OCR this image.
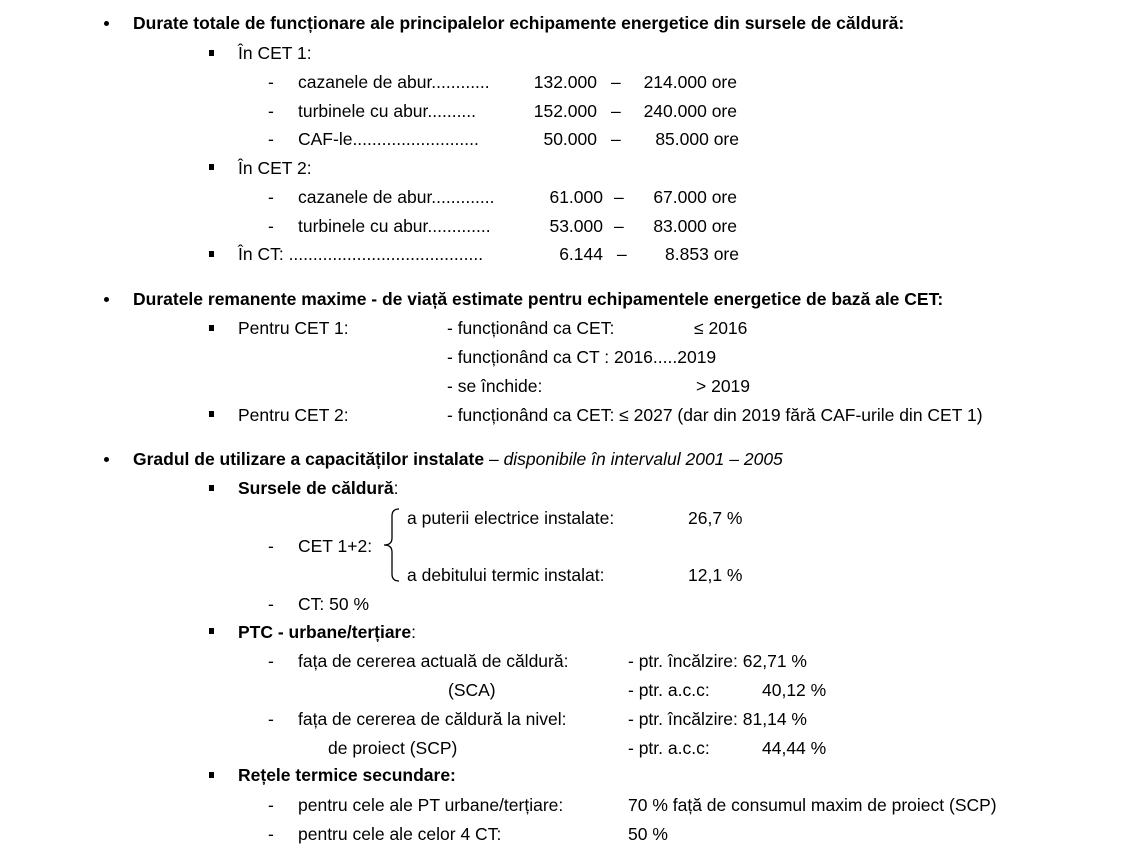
Durate totale de funcționare ale principalelor echipamente energetice din sursele de căldură:
În CET 1:
- cazanele de abur............	132.000 –	214.000 ore
- turbinele cu abur..........	152.000 –	240.000 ore
- CAF-le..........................	50.000 –	85.000 ore
În CET 2:
- cazanele de abur.............	61.000 –	67.000 ore
- turbinele cu abur.............	53.000 –	83.000 ore
În CT: ........................................	6.144 –	8.853 ore
Duratele remanente maxime - de viață estimate pentru echipamentele energetice de bază ale CET:
Pentru CET 1:	- funcționând ca CET:	≤ 2016
- funcționând ca CT : 2016.....2019
- se închide:	> 2019
Pentru CET 2:	- funcționând ca CET: ≤ 2027 (dar din 2019 fără CAF-urile din CET 1)
Gradul de utilizare a capacităților instalate – disponibile în intervalul 2001 – 2005
Sursele de căldură:
a puterii electrice instalate:	26,7 %
- CET 1+2:
a debitului termic instalat:	12,1 %
- CT: 50 %
PTC - urbane/terțiare:
- fața de cererea actuală de căldură:	- ptr. încălzire: 62,71 %
(SCA)	- ptr. a.c.c:	40,12 %
- fața de cererea de căldură la nivel:	- ptr. încălzire: 81,14 %
de proiect (SCP)	- ptr. a.c.c:	44,44 %
Rețele termice secundare:
- pentru cele ale PT urbane/terțiare:	70 % față de consumul maxim de proiect (SCP)
- pentru cele ale celor 4 CT:	50 %
